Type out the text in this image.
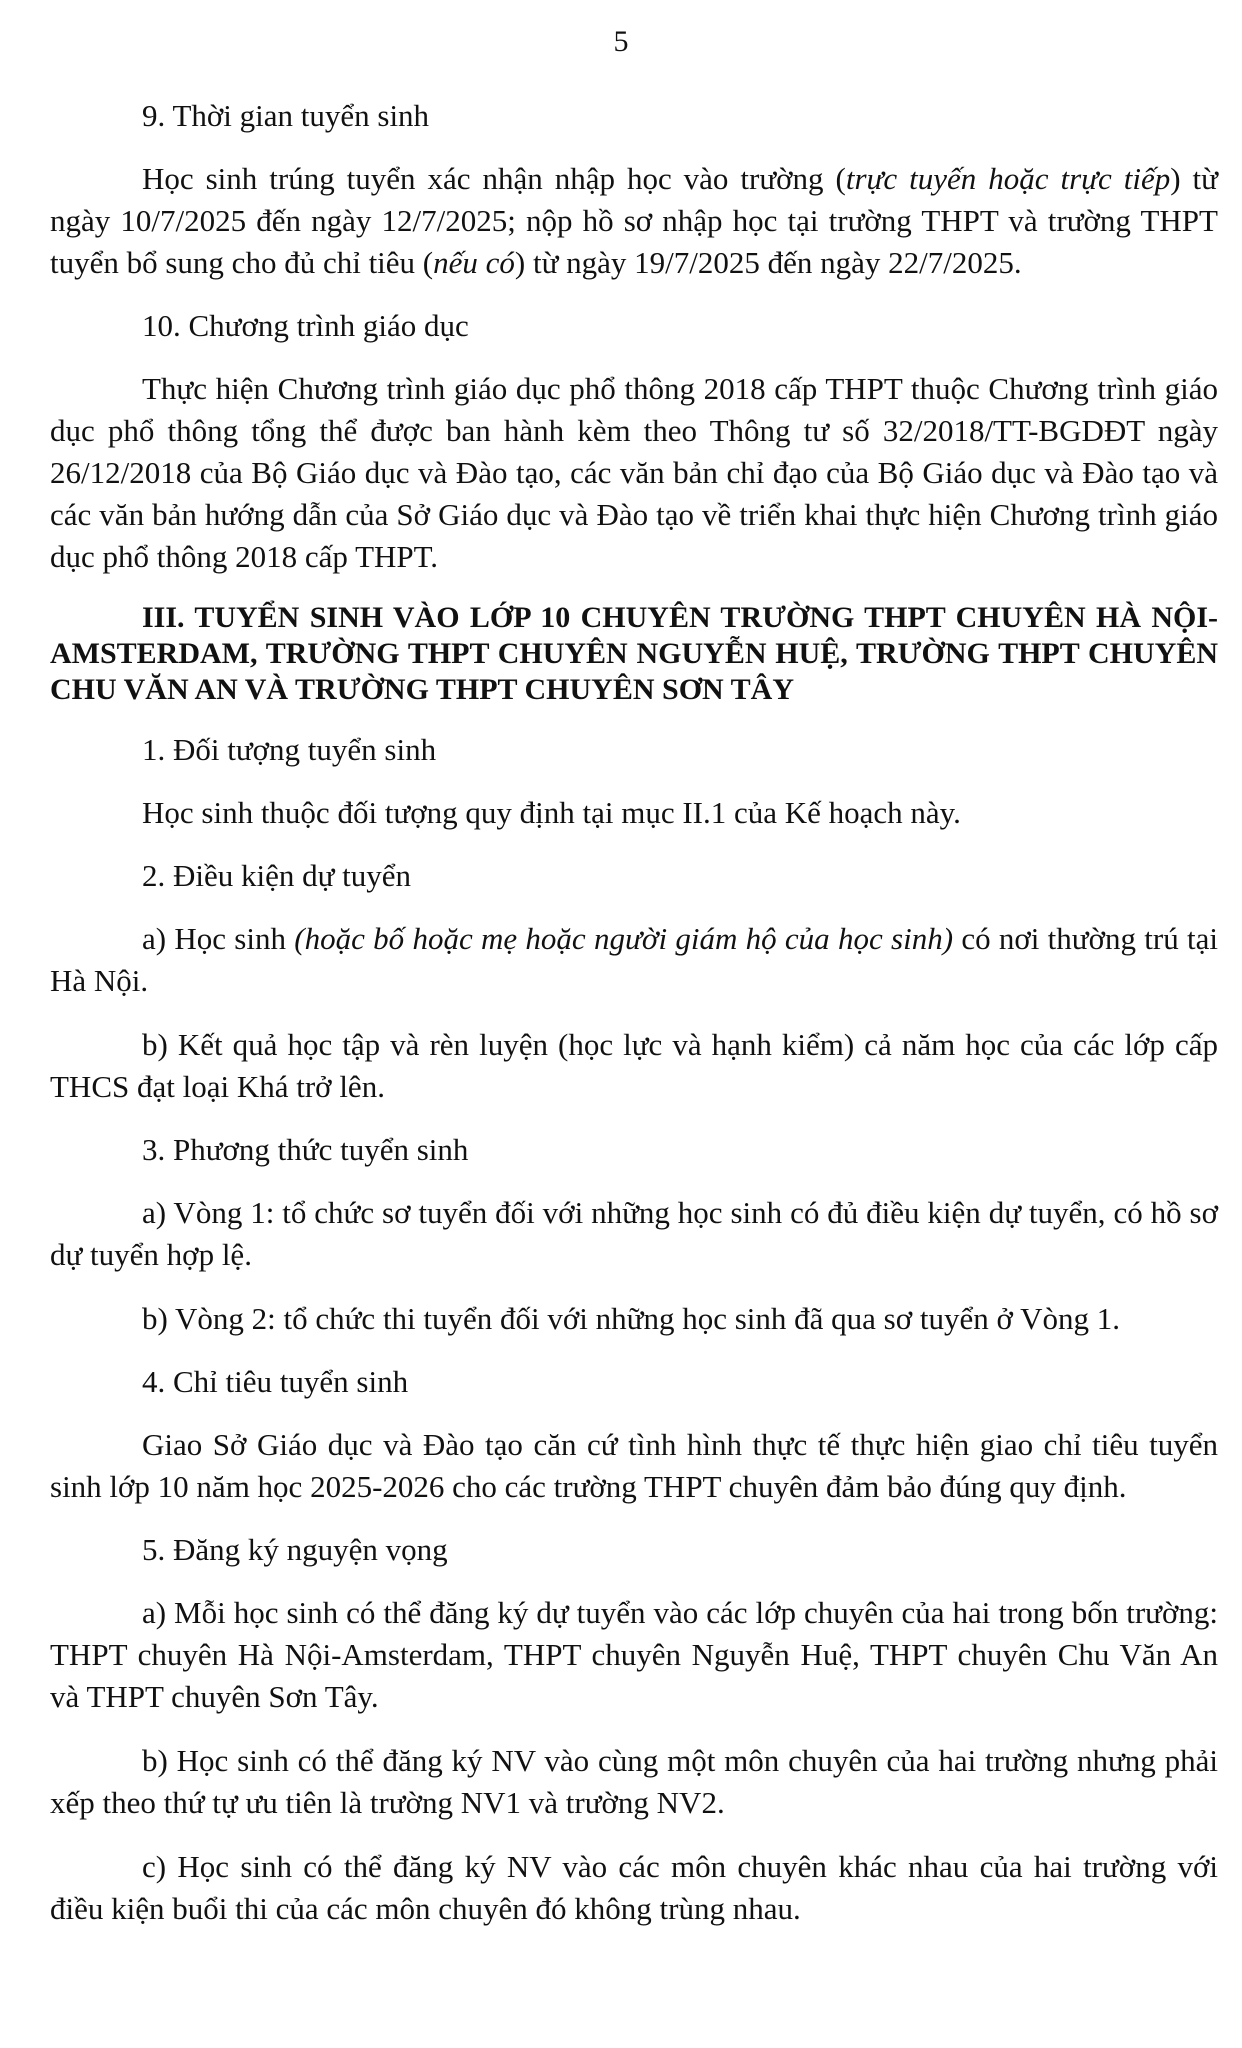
5

9. Thời gian tuyển sinh

Học sinh trúng tuyển xác nhận nhập học vào trường (trực tuyến hoặc trực tiếp) từ ngày 10/7/2025 đến ngày 12/7/2025; nộp hồ sơ nhập học tại trường THPT và trường THPT tuyển bổ sung cho đủ chỉ tiêu (nếu có) từ ngày 19/7/2025 đến ngày 22/7/2025.

10. Chương trình giáo dục

Thực hiện Chương trình giáo dục phổ thông 2018 cấp THPT thuộc Chương trình giáo dục phổ thông tổng thể được ban hành kèm theo Thông tư số 32/2018/TT-BGDĐT ngày 26/12/2018 của Bộ Giáo dục và Đào tạo, các văn bản chỉ đạo của Bộ Giáo dục và Đào tạo và các văn bản hướng dẫn của Sở Giáo dục và Đào tạo về triển khai thực hiện Chương trình giáo dục phổ thông 2018 cấp THPT.

III. TUYỂN SINH VÀO LỚP 10 CHUYÊN TRƯỜNG THPT CHUYÊN HÀ NỘI-AMSTERDAM, TRƯỜNG THPT CHUYÊN NGUYỄN HUỆ, TRƯỜNG THPT CHUYÊN CHU VĂN AN VÀ TRƯỜNG THPT CHUYÊN SƠN TÂY

1. Đối tượng tuyển sinh

Học sinh thuộc đối tượng quy định tại mục II.1 của Kế hoạch này.

2. Điều kiện dự tuyển

a) Học sinh (hoặc bố hoặc mẹ hoặc người giám hộ của học sinh) có nơi thường trú tại Hà Nội.

b) Kết quả học tập và rèn luyện (học lực và hạnh kiểm) cả năm học của các lớp cấp THCS đạt loại Khá trở lên.

3. Phương thức tuyển sinh

a) Vòng 1: tổ chức sơ tuyển đối với những học sinh có đủ điều kiện dự tuyển, có hồ sơ dự tuyển hợp lệ.

b) Vòng 2: tổ chức thi tuyển đối với những học sinh đã qua sơ tuyển ở Vòng 1.

4. Chỉ tiêu tuyển sinh

Giao Sở Giáo dục và Đào tạo căn cứ tình hình thực tế thực hiện giao chỉ tiêu tuyển sinh lớp 10 năm học 2025-2026 cho các trường THPT chuyên đảm bảo đúng quy định.

5. Đăng ký nguyện vọng

a) Mỗi học sinh có thể đăng ký dự tuyển vào các lớp chuyên của hai trong bốn trường: THPT chuyên Hà Nội-Amsterdam, THPT chuyên Nguyễn Huệ, THPT chuyên Chu Văn An và THPT chuyên Sơn Tây.

b) Học sinh có thể đăng ký NV vào cùng một môn chuyên của hai trường nhưng phải xếp theo thứ tự ưu tiên là trường NV1 và trường NV2.

c) Học sinh có thể đăng ký NV vào các môn chuyên khác nhau của hai trường với điều kiện buổi thi của các môn chuyên đó không trùng nhau.
